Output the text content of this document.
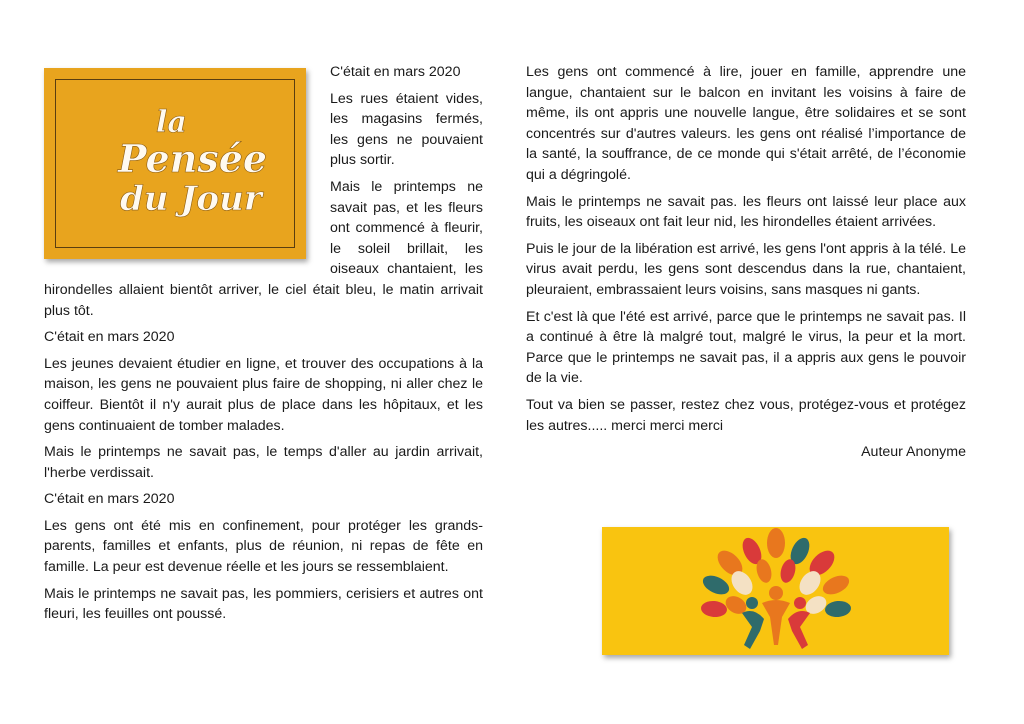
la
Pensée
du Jour

C'était en mars 2020

Les rues étaient vides, les magasins fermés, les gens ne pouvaient plus sortir.

Mais le printemps ne savait pas, et les fleurs ont commencé à fleurir, le soleil brillait, les oiseaux chantaient, les hirondelles allaient bientôt arriver, le ciel était bleu, le matin arrivait plus tôt.

C'était en mars 2020

Les jeunes devaient étudier en ligne, et trouver des occupations à la maison, les gens ne pouvaient plus faire de shopping, ni aller chez le coiffeur. Bientôt il n'y aurait plus de place dans les hôpitaux, et les gens continuaient de tomber malades.

Mais le printemps ne savait pas, le temps d'aller au jardin arrivait, l'herbe verdissait.

C'était en mars 2020

Les gens ont été mis en confinement, pour protéger les grands-parents, familles et enfants, plus de réunion, ni repas de fête en famille. La peur est devenue réelle et les jours se ressemblaient.

Mais le printemps ne savait pas, les pommiers, cerisiers et autres ont fleuri, les feuilles ont poussé.

Les gens ont commencé à lire, jouer en famille, apprendre une langue, chantaient sur le balcon en invitant les voisins à faire de même, ils ont appris une nouvelle langue, être solidaires et se sont concentrés sur d'autres valeurs. les gens ont réalisé l’importance de la santé, la souffrance, de ce monde qui s'était arrêté, de l’économie qui a dégringolé.

Mais le printemps ne savait pas. les fleurs ont laissé leur place aux fruits, les oiseaux ont fait leur nid, les hirondelles étaient arrivées.

Puis le jour de la libération est arrivé, les gens l'ont appris à la télé. Le virus avait perdu, les gens sont descendus dans la rue, chantaient, pleuraient, embrassaient leurs voisins, sans masques ni gants.

Et c'est là que l'été est arrivé, parce que le printemps ne savait pas. Il a continué à être là malgré tout, malgré le virus, la peur et la mort. Parce que le printemps ne savait pas, il a appris aux gens le pouvoir de la vie.

Tout va bien se passer, restez chez vous, protégez-vous et protégez les autres..... merci merci merci

Auteur Anonyme
